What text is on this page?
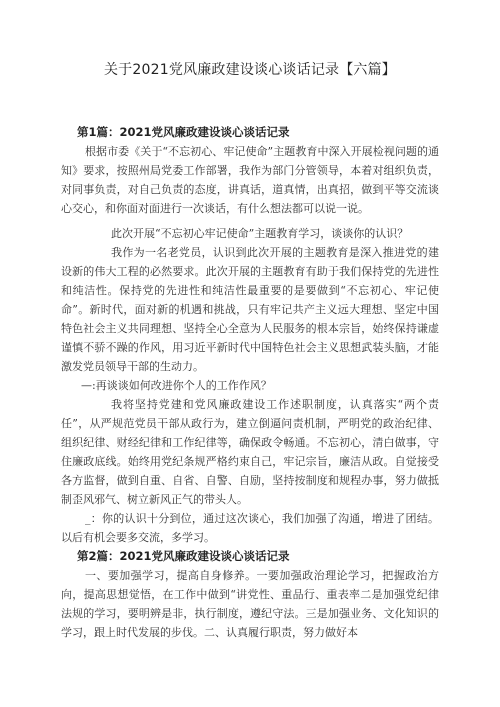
关于2021党风廉政建设谈心谈话记录【六篇】

第1篇：2021党风廉政建设谈心谈话记录

根据市委《关于“不忘初心、牢记使命”主题教育中深入开展检视问题的通知》要求，按照州局党委工作部署，我作为部门分管领导，本着对组织负责，对同事负责，对自己负责的态度，讲真话，道真情，出真招，做到平等交流谈心交心，和你面对面进行一次谈话，有什么想法都可以说一说。

此次开展“不忘初心牢记使命”主题教育学习，谈谈你的认识？

我作为一名老党员，认识到此次开展的主题教育是深入推进党的建设新的伟大工程的必然要求。此次开展的主题教育有助于我们保持党的先进性和纯洁性。保持党的先进性和纯洁性最重要的是要做到“不忘初心、牢记使命”。新时代，面对新的机遇和挑战，只有牢记共产主义远大理想、坚定中国特色社会主义共同理想、坚持全心全意为人民服务的根本宗旨，始终保持谦虚谨慎不骄不躁的作风，用习近平新时代中国特色社会主义思想武装头脑，才能激发党员领导干部的生动力。

—:再谈谈如何改进你个人的工作作风？

我将坚持党建和党风廉政建设工作述职制度，认真落实“两个责任”，从严规范党员干部从政行为，建立倒逼问责机制，严明党的政治纪律、组织纪律、财经纪律和工作纪律等，确保政令畅通。不忘初心，清白做事，守住廉政底线。始终用党纪条规严格约束自己，牢记宗旨，廉洁从政。自觉接受各方监督，做到自重、自省、自警、自励，坚持按制度和规程办事，努力做抵制歪风邪气、树立新风正气的带头人。

_：你的认识十分到位，通过这次谈心，我们加强了沟通，增进了团结。以后有机会要多交流，多学习。

第2篇：2021党风廉政建设谈心谈话记录

一、要加强学习，提高自身修养。一要加强政治理论学习，把握政治方向，提高思想觉悟，在工作中做到“讲党性、重品行、重表率二是加强党纪律法规的学习，要明辨是非，执行制度，遵纪守法。三是加强业务、文化知识的学习，跟上时代发展的步伐。二、认真履行职责，努力做好本
